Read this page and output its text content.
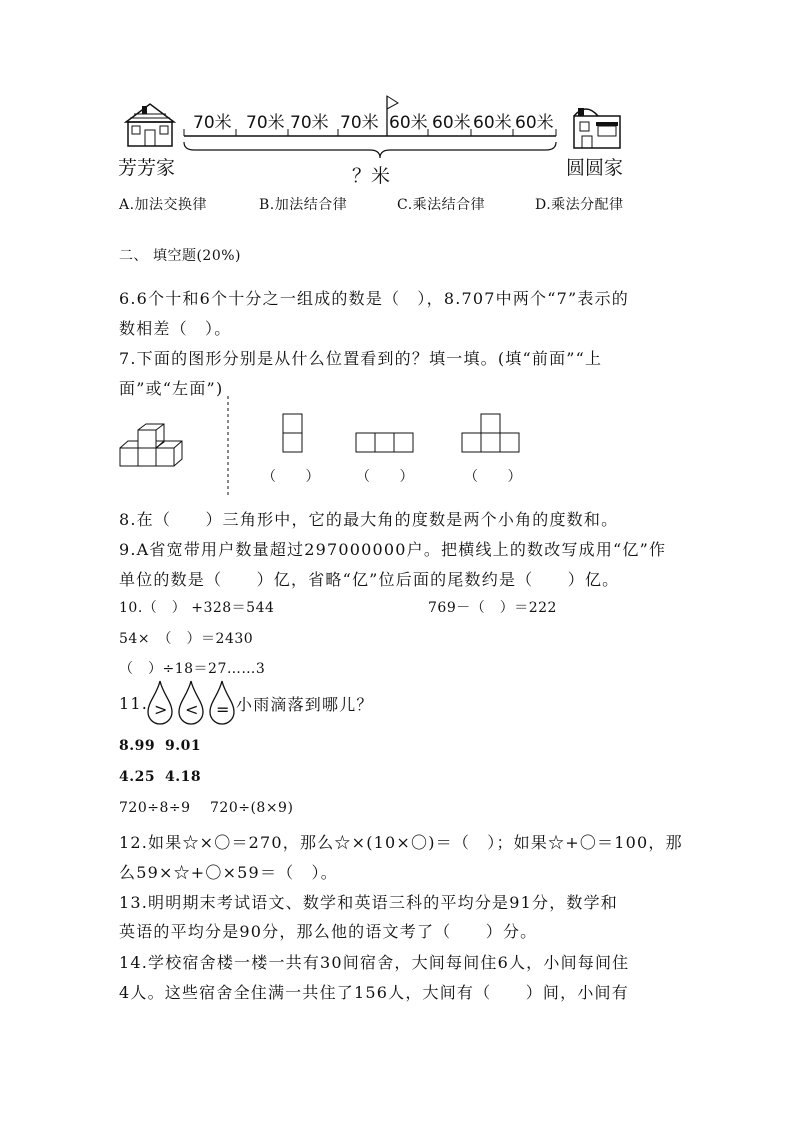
70米 70米 70米 70米 60米 60米 60米 60米
芳芳家	圆圆家
？米
A.加法交换律	B.加法结合律	C.乘法结合律	D.乘法分配律
二、 填空题(20%)
6.6个十和6个十分之一组成的数是（　），8.707中两个“7”表示的
数相差（　）。
7.下面的图形分别是从什么位置看到的？填一填。(填“前面”“上
面”或“左面”)
（　　）	（　　）	（　　）
8.在（　　）三角形中，它的最大角的度数是两个小角的度数和。
9.A省宽带用户数量超过297000000户。把横线上的数改写成用“亿”作
单位的数是（　　）亿，省略“亿”位后面的尾数约是（　　）亿。
10.（　） +328＝544	769－（　）＝222
54×　（　）＝2430
（　）÷18＝27……3
11. > < = 小雨滴落到哪儿？
8.99 9.01
4.25 4.18
720÷8÷9 720÷(8×9)
12.如果☆×〇＝270，那么☆×(10×〇)＝（　）；如果☆+〇＝100，那
么59×☆+〇×59＝（　）。
13.明明期末考试语文、数学和英语三科的平均分是91分，数学和
英语的平均分是90分，那么他的语文考了（　　）分。
14.学校宿舍楼一楼一共有30间宿舍，大间每间住6人，小间每间住
4人。这些宿舍全住满一共住了156人，大间有（　　）间，小间有
